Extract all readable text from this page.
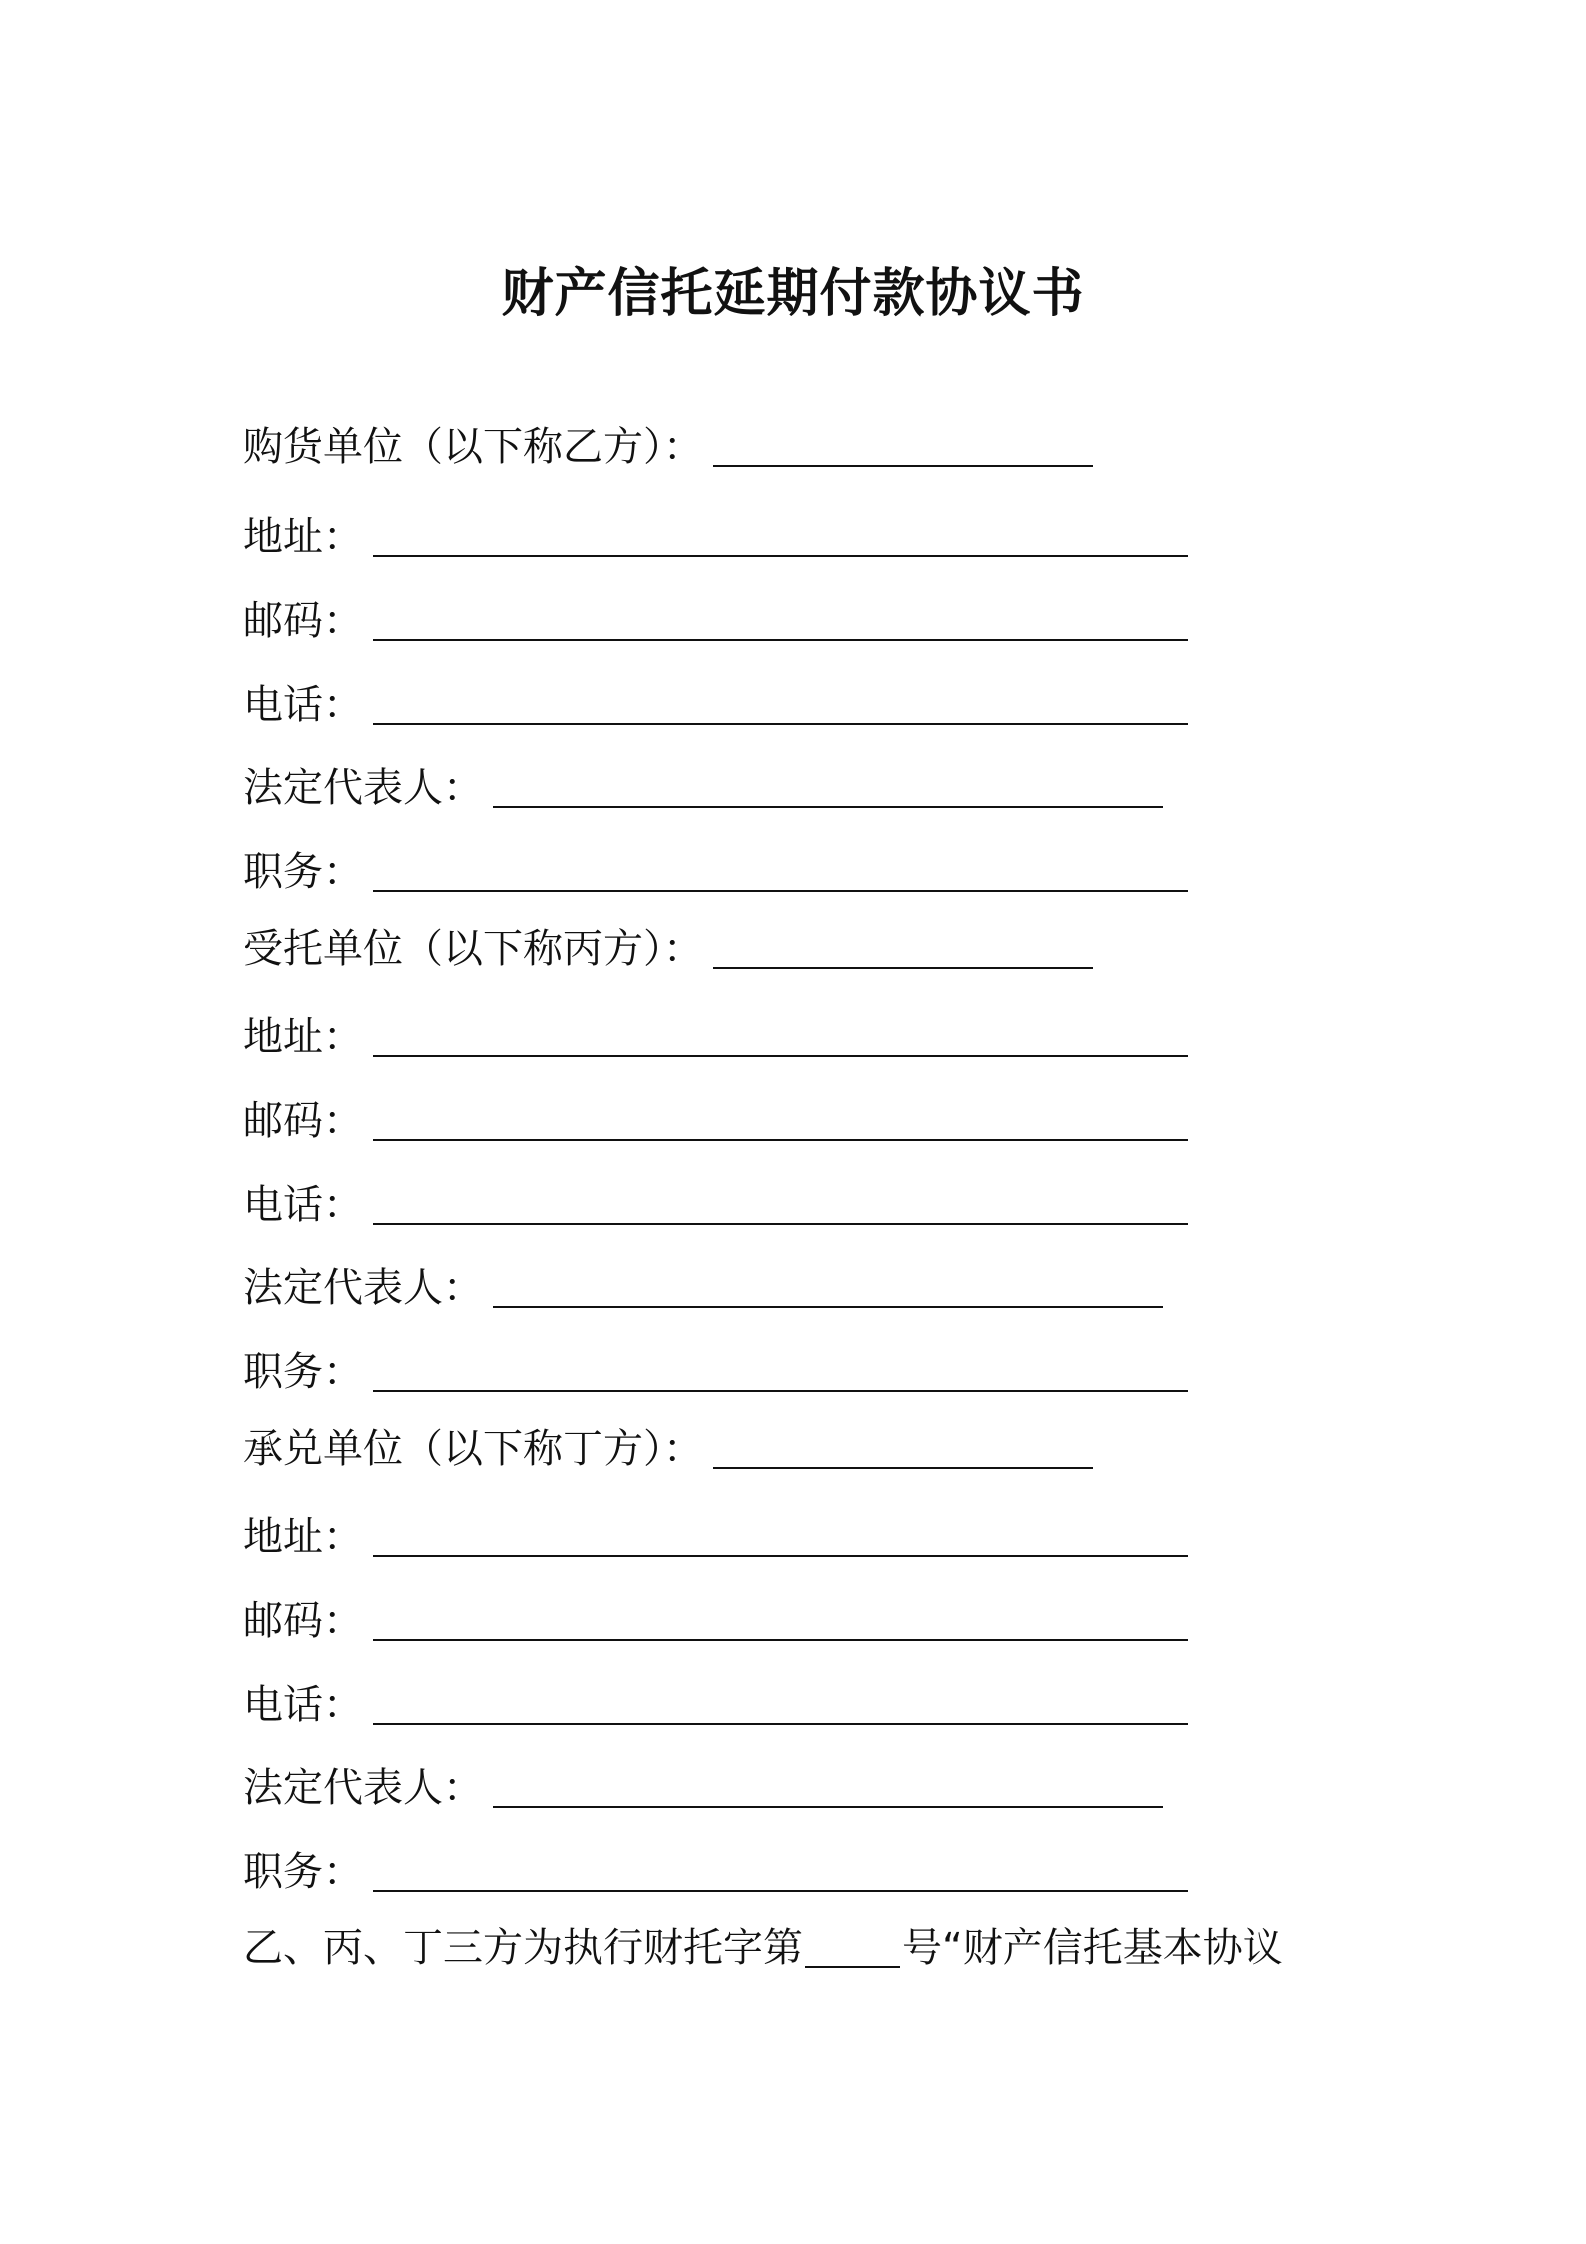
财产信托延期付款协议书
购货单位（以下称乙方）：
地址：
邮码：
电话：
法定代表人：
职务：
受托单位（以下称丙方）：
地址：
邮码：
电话：
法定代表人：
职务：
承兑单位（以下称丁方）：
地址：
邮码：
电话：
法定代表人：
职务：
乙、丙、丁三方为执行财托字第 号“财产信托基本协议
